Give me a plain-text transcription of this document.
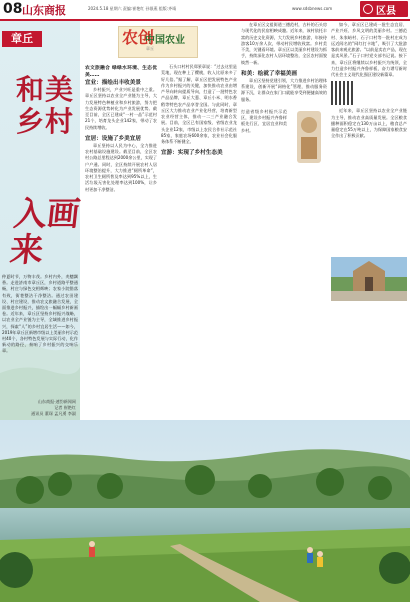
08 山东商报	2024.5.18 星期六 责编:崔艳红 孙银燕 组版:齐靖	www.sdsbnews.com	区县
章丘
和美乡村
入画来
仲夏时节，万物丰茂。乡村内外，麦穗飘香。走进济南市章丘区，乡村道路平整通畅，村庄与绿色交相辉映；农家小院错落有致，街巷整洁干净整洁。通过农田建设、村庄建设，推动农文旅融合发展，全面推进乡村振兴，描绘出一幅幅乡村新画卷。近年来，章丘区坚持乡村振兴战略，以农业全产业链为主导，全域推进乡村振兴，探索“人”的乡村宜居生活——如今，2019年章丘区新增市级以上美丽乡村示范村40个，各村特色发展与实际行动，化作新动的路径，奏响了乡村振兴的交响乐章。
山东商报·速豹新闻网
记者 崔艳红
通讯员 董琛 孟凡勇 李淑
农创
中国农业
章丘
农文旅融合 绿绿水环境、生态优美……
宜业：描绘出丰收美景

乡村振兴，产业兴旺是重中之重。章丘区坚持以农业全产业链为主导，大力发展特色种植业和乡村旅游，努力把生态资源优势转化为产业发展优势。截至目前，全区已建成“一村一品”示范村21个，培育龙头企业142家，带动了农民持续增收。

宜居：设施了乡美宜居

章丘坚持以人民为中心，全力推进农村基础设施建设。截至目前，全区农村公路总里程达到2000余公里，实现了户户通。同时，全区持续开展农村人居环境整治提升，大力推进“厕所革命”，农村卫生厕所普及率达到95%以上，生活垃圾无害化处理率达到100%，让乡村更加干净整洁。

石头口村村民郑景章说：“过去这里是荒地，现在种上了樱桃，收入比原来多了好几倍。”据了解，章丘区把发展特色产业作为乡村振兴的关键，加快推动农业由增产导向转向提质导向，打造了一批特色农产品品牌，章丘大葱、章丘小米、明水香稻等特色农产品享誉全国。与此同时，章丘区大力推动农业产业化经营，培育新型农业经营主体，推动一二三产业融合发展。目前，全区已有国家级、省级农业龙头企业12家，市级以上农民合作社示范社85家，家庭农场600余家，农业社会化服务体系不断健全。

宜游：实现了乡村生态美

在章丘区文祖街道三德范村，古朴的石头房与现代化的民宿相映成趣。近年来，该村依托丰富的历史文化资源，大力发展乡村旅游，年接待游客10万余人次，带动村民增收致富。乡村美不美，关键看环境。章丘区以美丽乡村建设为抓手，持续深化农村人居环境整治，全区农村面貌焕然一新。

和美：绘就了幸福美画

章丘区坚持党建引领，大力推进乡村治理体系建设，创新开展“网格化”管理，推动服务资源下沉，让群众在家门口就能享受到便捷高效的服务。

打造省级乡村振兴示范区，建设乡村振兴齐鲁样板先行区、宜居宜业和美乡村。

如今，章丘区已建成一批生态宜居、产业兴旺、乡风文明的美丽乡村。三德范村、朱家峪村、石子口村等一批村庄成为远近闻名的“网红打卡地”，吸引了大批游客前来观光旅游。“以前是卖农产品，现在是卖风景。”石子口村党支部书记说。接下来，章丘区将继续以乡村振兴为统领，全力打造乡村振兴齐鲁样板，奋力谱写新时代社会主义现代化强区建设新篇章。

近年来，章丘区坚持以农业全产业链为主导，推动农业高质量发展。全区粮食播种面积稳定在130万亩以上，粮食总产量稳定在55万吨以上，为保障国家粮食安全作出了积极贡献。
